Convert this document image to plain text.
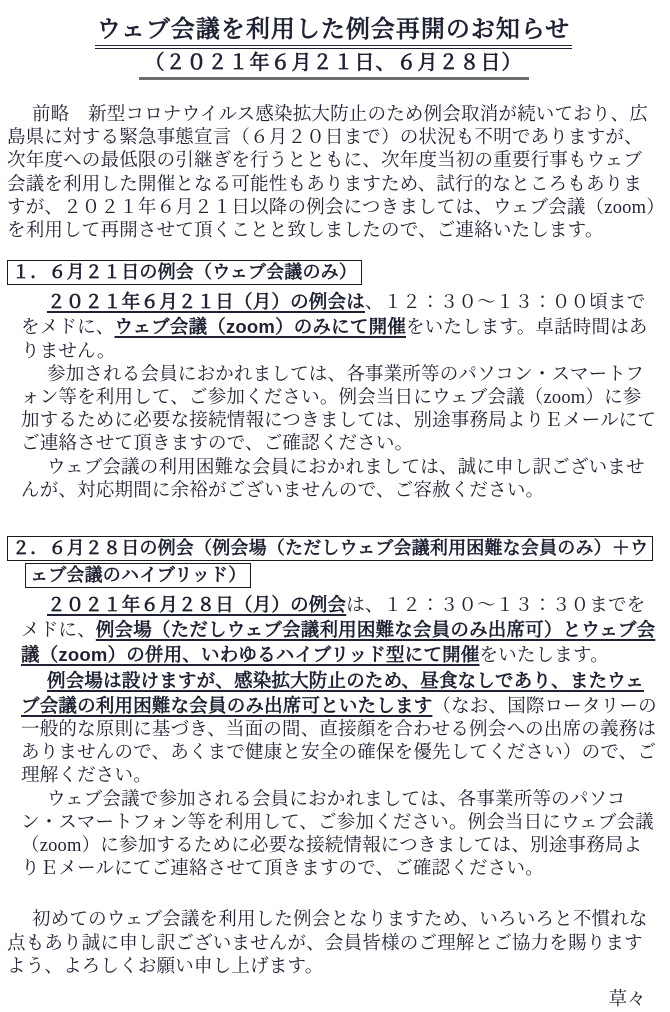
ウェブ会議を利用した例会再開のお知らせ
（２０２１年６月２１日、６月２８日）

前略　新型コロナウイルス感染拡大防止のため例会取消が続いており、広島県に対する緊急事態宣言（６月２０日まで）の状況も不明でありますが、次年度への最低限の引継ぎを行うとともに、次年度当初の重要行事もウェブ会議を利用した開催となる可能性もありますため、試行的なところもありますが、２０２１年６月２１日以降の例会につきましては、ウェブ会議（zoom）を利用して再開させて頂くことと致しましたので、ご連絡いたします。

１．６月２１日の例会（ウェブ会議のみ）

２０２１年６月２１日（月）の例会は、１２：３０～１３：００頃までをメドに、ウェブ会議（zoom）のみにて開催をいたします。卓話時間はありません。

参加される会員におかれましては、各事業所等のパソコン・スマートフォン等を利用して、ご参加ください。例会当日にウェブ会議（zoom）に参加するために必要な接続情報につきましては、別途事務局よりＥメールにてご連絡させて頂きますので、ご確認ください。

ウェブ会議の利用困難な会員におかれましては、誠に申し訳ございませんが、対応期間に余裕がございませんので、ご容赦ください。

２．６月２８日の例会（例会場（ただしウェブ会議利用困難な会員のみ）＋ウェブ会議のハイブリッド）

２０２１年６月２８日（月）の例会は、１２：３０～１３：３０までをメドに、例会場（ただしウェブ会議利用困難な会員のみ出席可）とウェブ会議（zoom）の併用、いわゆるハイブリッド型にて開催をいたします。

例会場は設けますが、感染拡大防止のため、昼食なしであり、またウェブ会議の利用困難な会員のみ出席可といたします（なお、国際ロータリーの一般的な原則に基づき、当面の間、直接顔を合わせる例会への出席の義務はありませんので、あくまで健康と安全の確保を優先してください）ので、ご理解ください。

ウェブ会議で参加される会員におかれましては、各事業所等のパソコン・スマートフォン等を利用して、ご参加ください。例会当日にウェブ会議（zoom）に参加するために必要な接続情報につきましては、別途事務局よりＥメールにてご連絡させて頂きますので、ご確認ください。

初めてのウェブ会議を利用した例会となりますため、いろいろと不慣れな点もあり誠に申し訳ございませんが、会員皆様のご理解とご協力を賜りますよう、よろしくお願い申し上げます。

草々
